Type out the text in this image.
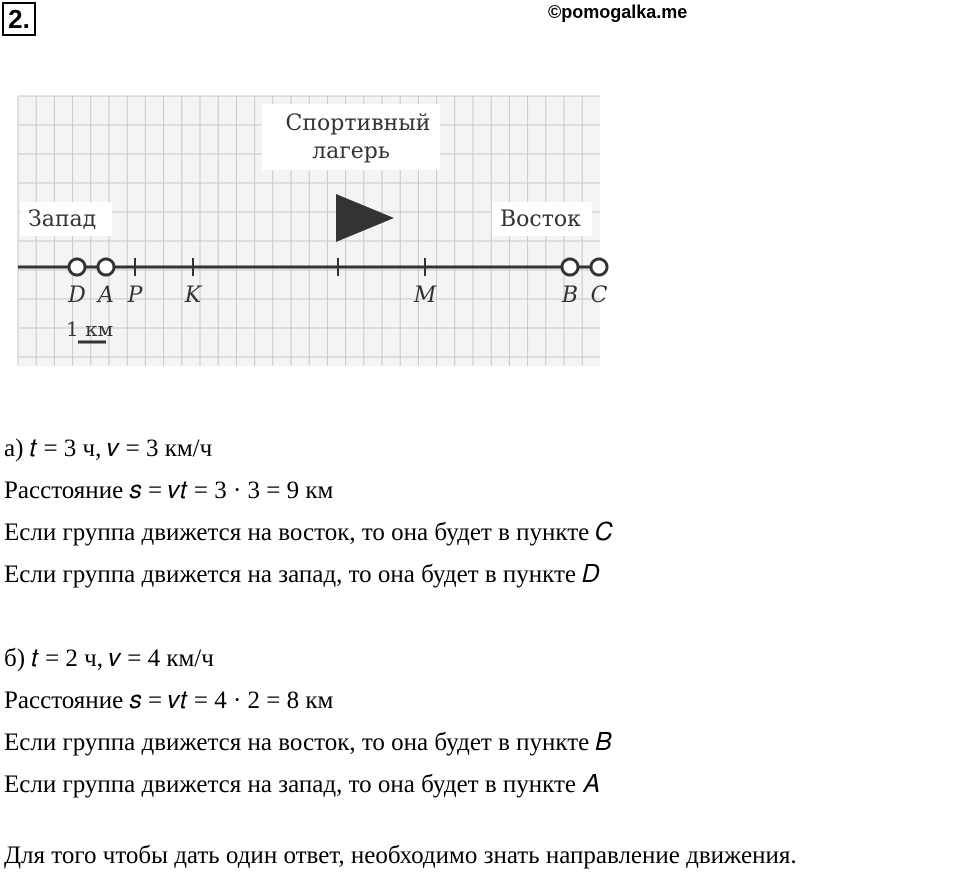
2.	©pomogalka.me
Спортивный
лагерь
Запад	Восток
D A P K	M	B C
1 км
а) 𝑡 = 3 ч, 𝑣 = 3 км/ч
Расстояние 𝑠 = 𝑣𝑡 = 3 · 3 = 9 км
Если группа движется на восток, то она будет в пункте 𝐶
Если группа движется на запад, то она будет в пункте 𝐷
б) 𝑡 = 2 ч, 𝑣 = 4 км/ч
Расстояние 𝑠 = 𝑣𝑡 = 4 · 2 = 8 км
Если группа движется на восток, то она будет в пункте 𝐵
Если группа движется на запад, то она будет в пункте 𝐴
Для того чтобы дать один ответ, необходимо знать направление движения.
